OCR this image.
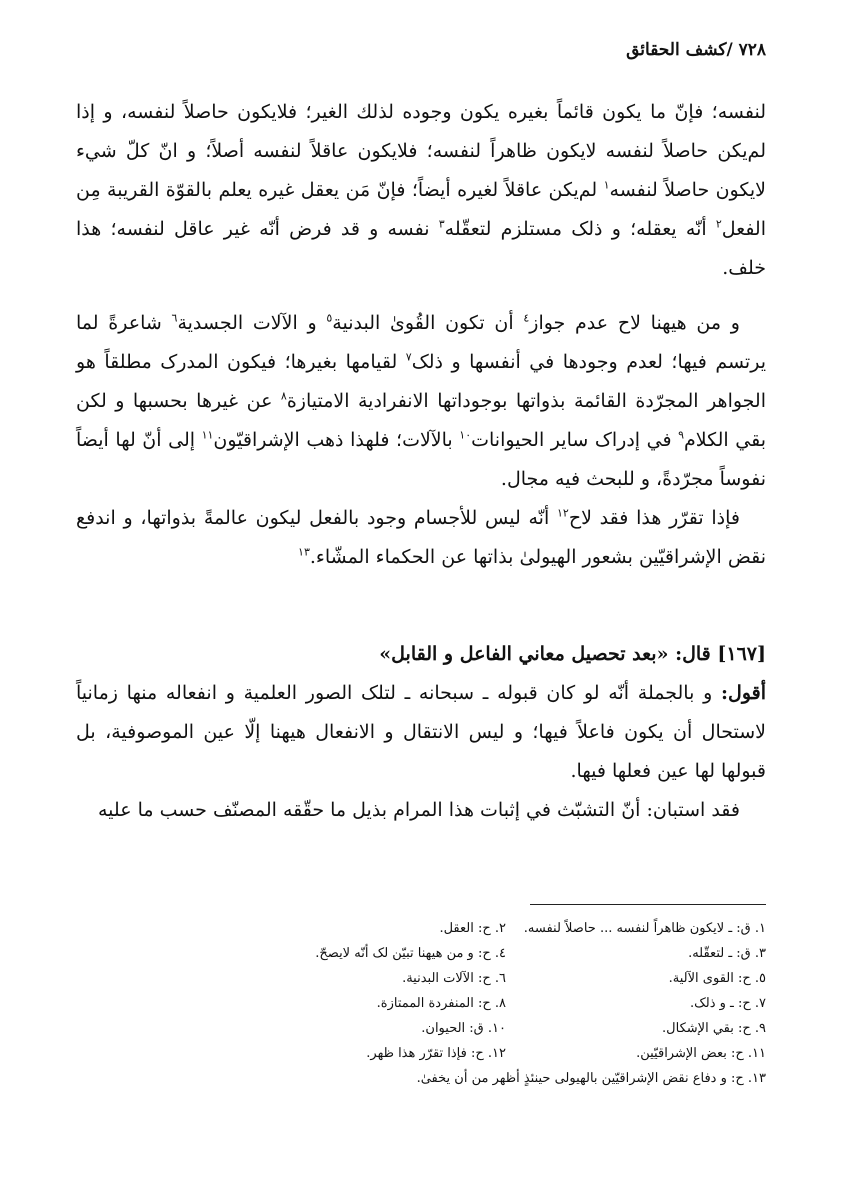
۷۲۸ /كشف الحقائق

لنفسه؛ فإنّ ما يكون قائماً بغيره يكون وجوده لذلك الغير؛ فلايكون حاصلاً لنفسه، و إذا لم‌يكن حاصلاً لنفسه لايكون ظاهراً لنفسه؛ فلايكون عاقلاً لنفسه أصلاً؛ و انّ كلّ شيء لايكون حاصلاً لنفسه$^١$ لم‌يكن عاقلاً لغيره أيضاً؛ فإنّ مَن يعقل غيره يعلم بالقوّة القريبة مِن الفعل$^٢$ أنّه يعقله؛ و ذلک مستلزم لتعقّله$^٣$ نفسه و قد فرض أنّه غير عاقل لنفسه؛ هذا خلف.

و من هيهنا لاح عدم جواز$^٤$ أن تكون القُوىٰ البدنية$^٥$ و الآلات الجسدية$^٦$ شاعرةً لما يرتسم فيها؛ لعدم وجودها في أنفسها و ذلک$^٧$ لقيامها بغيرها؛ فيكون المدرک مطلقاً هو الجواهر المجرّدة القائمة بذواتها بوجوداتها الانفرادية الامتيازة$^٨$ عن غيرها بحسبها و لكن بقي الكلام$^٩$ في إدراک ساير الحيوانات$^{١٠}$ بالآلات؛ فلهذا ذهب الإشراقيّون$^{١١}$ إلى أنّ لها أيضاً نفوساً مجرّدةً، و للبحث فيه مجال.

فإذا تقرّر هذا فقد لاح$^{١٢}$ أنّه ليس للأجسام وجود بالفعل ليكون عالمةً بذواتها، و اندفع نقض الإشراقيّين بشعور الهيولىٰ بذاتها عن الحكماء المشّاء.$^{١٣}$

[١٦٧] قال: «بعد تحصيل معاني الفاعل و القابل»

أقول: و بالجملة أنّه لو كان قبوله ـ سبحانه ـ لتلک الصور العلمية و انفعاله منها زمانياً لاستحال أن يكون فاعلاً فيها؛ و ليس الانتقال و الانفعال هيهنا إلّا عين الموصوفية، بل قبولها لها عين فعلها فيها.

فقد استبان: أنّ التشبّث في إثبات هذا المرام بذيل ما حقّقه المصنّف حسب ما عليه

١. ق: ـ لايكون ظاهراً لنفسه ... حاصلاً لنفسه.
٢. ح: العقل.
٣. ق: ـ لتعقّله.
٤. ح: و من هيهنا تبيّن لک أنّه لايصحّ.
٥. ح: القوى الآلية.
٦. ح: الآلات البدنية.
٧. ح: ـ و ذلک.
٨. ح: المنفردة الممتازة.
٩. ح: بقي الإشكال.
١٠. ق: الحيوان.
١١. ح: بعض الإشراقيّين.
١٢. ح: فإذا تقرّر هذا ظهر.
١٣. ح: و دفاع نقض الإشراقيّين بالهيولى حينئذٍ أظهر من أن يخفىٰ.
